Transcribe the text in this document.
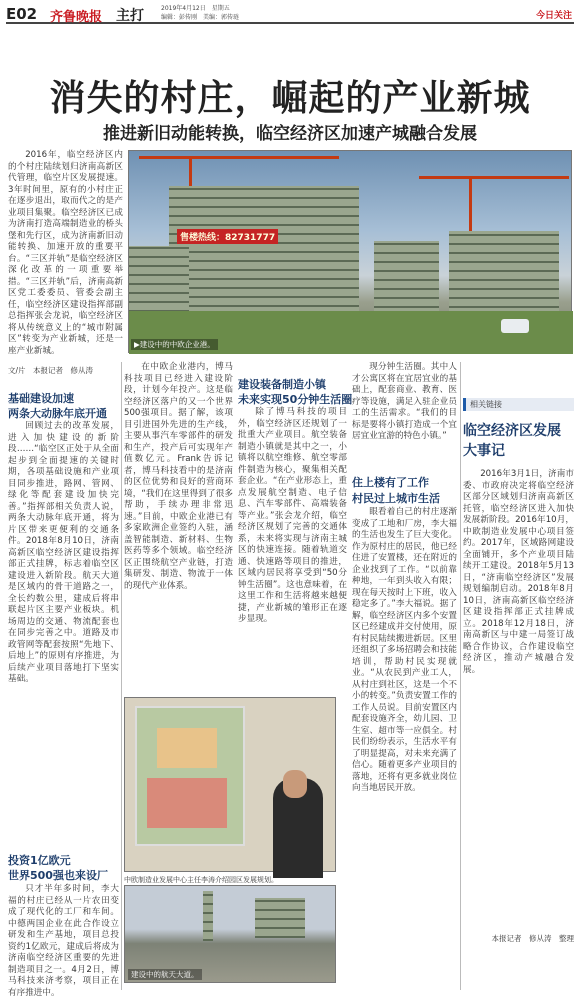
E02 齐鲁晚报 主打	2019年4月12日　星期五
编辑：彭传刚　美编：郭传琏	今日关注
消失的村庄，崛起的产业新城
推进新旧动能转换，临空经济区加速产城融合发展

2016年，临空经济区内的个村庄陆续划归济南高新区代管理，临空片区发展提速。3年时间里，原有的小村庄正在逐步退出，取而代之的是产业项目集聚。临空经济区已成为济南打造高端制造业的桥头堡和先行区，成为济南新旧动能转换、加速开放的重要平台。“三区并轨”是临空经济区深化改革的一项重要举措。“三区并轨”后，济南高新区党工委委员、管委会副主任，临空经济区建设指挥部副总指挥张会龙说，临空经济区将从传统意义上的“城市附属区”转变为产业新城，还是一座产业新城。

售楼热线：82731777
▶建设中的中欧企业港。
文/片　本报记者　修从涛
基础建设加速
两条大动脉年底开通

回顾过去的改革发展，进入加快建设的新阶段……“临空区正处于从全面起步到全面提速的关键时期，各项基础设施和产业项目同步推进，路网、管网、绿化等配套建设加快完善。”指挥部相关负责人说，两条大动脉年底开通，将为片区带来更便利的交通条件。2018年8月10日，济南高新区临空经济区建设指挥部正式挂牌，标志着临空区建设进入新阶段。航天大道是区域内的骨干道路之一，全长约数公里，建成后将串联起片区主要产业板块。机场周边的交通、物流配套也在同步完善之中。道路及市政管网等配套按照“先地下、后地上”的原则有序推进，为后续产业项目落地打下坚实基础。

投资1亿欧元
世界500强也来设厂

只才半年多时间，李大福的村庄已经从一片农田变成了现代化的工厂和车间。中德两国企业在此合作设立研发和生产基地，项目总投资约1亿欧元，建成后将成为济南临空经济区重要的先进制造项目之一。4月2日，博马科技来济考察，项目正在有序推进中。

在中欧企业港内，博马科技项目已经进入建设阶段，计划今年投产。这是临空经济区落户的又一个世界500强项目。据了解，该项目引进国外先进的生产线，主要从事汽车零部件的研发和生产，投产后可实现年产值数亿元。Frank告诉记者，博马科技看中的是济南的区位优势和良好的营商环境，“我们在这里得到了很多帮助，手续办理非常迅速。”目前，中欧企业港已有多家欧洲企业签约入驻，涵盖智能制造、新材料、生物医药等多个领域。临空经济区正围绕航空产业链，打造集研发、制造、物流于一体的现代产业体系。

建设装备制造小镇
未来实现50分钟生活圈

除了博马科技的项目外，临空经济区还规划了一批重大产业项目。航空装备制造小镇就是其中之一，小镇将以航空维修、航空零部件制造为核心，聚集相关配套企业。“在产业形态上，重点发展航空制造、电子信息、汽车零部件、高端装备等产业。”张会龙介绍，临空经济区规划了完善的交通体系，未来将实现与济南主城区的快速连接。随着轨道交通、快速路等项目的推进，区域内居民将享受到“50分钟生活圈”。这也意味着，在这里工作和生活将越来越便捷，产业新城的雏形正在逐步显现。

现分钟生活圈。其中人才公寓区将在宜居宜业的基础上，配套商业、教育、医疗等设施，满足入驻企业员工的生活需求。“我们的目标是要将小镇打造成一个宜居宜业宜游的特色小镇。”

住上楼有了工作
村民过上城市生活

眼看着自己的村庄逐渐变成了工地和厂房，李大福的生活也发生了巨大变化。作为原村庄的居民，他已经住进了安置楼，还在附近的企业找到了工作。“以前靠种地，一年到头收入有限；现在每天按时上下班，收入稳定多了。”李大福说。据了解，临空经济区内多个安置区已经建成并交付使用，原有村民陆续搬进新居。区里还组织了多场招聘会和技能培训，帮助村民实现就业。“从农民到产业工人，从村庄到社区，这是一个不小的转变。”负责安置工作的工作人员说。目前安置区内配套设施齐全，幼儿园、卫生室、超市等一应俱全。村民们纷纷表示，生活水平有了明显提高，对未来充满了信心。随着更多产业项目的落地，还将有更多就业岗位向当地居民开放。

中欧制造业发展中心主任李涛介绍园区发展规划。
建设中的航天大道。
相关链接
临空经济区发展大事记

2016年3月1日，济南市委、市政府决定将临空经济区部分区域划归济南高新区托管，临空经济区进入加快发展新阶段。2016年10月，中欧制造业发展中心项目签约。2017年，区域路网建设全面铺开，多个产业项目陆续开工建设。2018年5月13日，“济南临空经济区”发展规划编制启动。2018年8月10日，济南高新区临空经济区建设指挥部正式挂牌成立。2018年12月18日，济南高新区与中建一局签订战略合作协议，合作建设临空经济区，推动产城融合发展。

本报记者　修从涛　整理
